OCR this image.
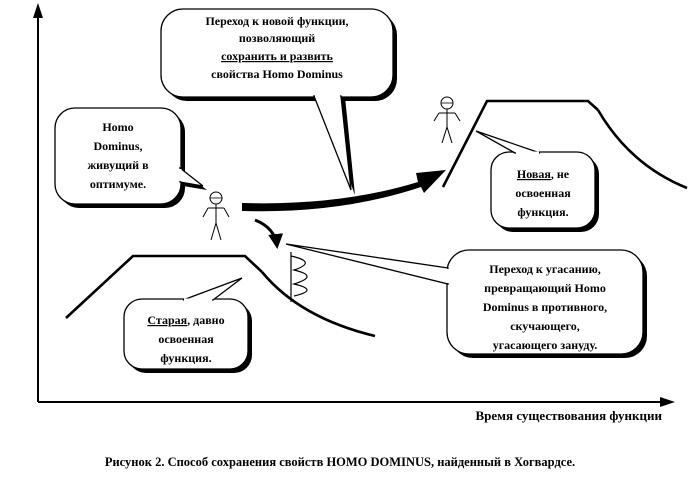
Время существования функции
Переход к новой функции,
позволяющий
сохранить и развить
свойства Homo Dominus
Homo
Dominus,
живущий в
оптимуме.
Новая, не
освоенная
функция.
Переход к угасанию,
превращающий Homo
Dominus в противного,
скучающего,
угасающего зануду.
Старая, давно
освоенная
функция.
Рисунок 2. Способ сохранения свойств HOMO DOMINUS, найденный в Хогвардсе.
